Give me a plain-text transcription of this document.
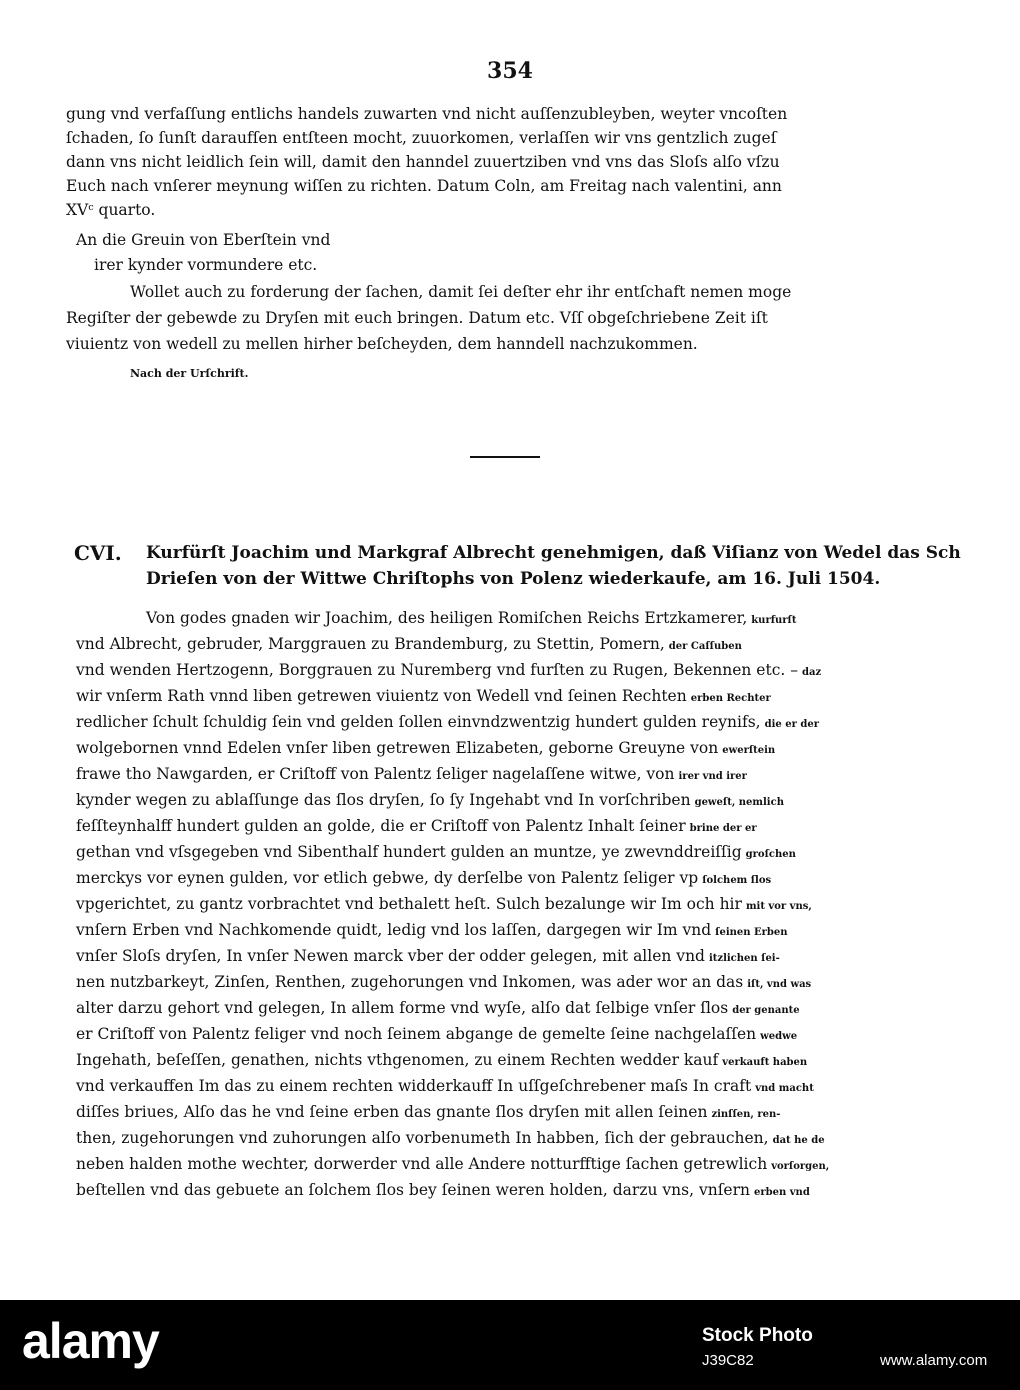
354
gung vnd verfaſſung entlichs handels zuwarten vnd nicht auſſenzubleyben, weyter vncoſten
ſchaden, ſo ſunſt daraufſen entſteen mocht, zuuorkomen, verlaſſen wir vns gentzlich zugeſ
dann vns nicht leidlich ſein will, damit den hanndel zuuertziben vnd vns das Sloſs alſo vſzu
Euch nach vnſerer meynung wiſſen zu richten. Datum Coln, am Freitag nach valentini, ann
XVᶜ quarto.
An die Greuin von Eberſtein vnd
irer kynder vormundere etc.
Wollet auch zu forderung der ſachen, damit ſei deſter ehr ihr entſchaft nemen moge
Regiſter der gebewde zu Dryſen mit euch bringen. Datum etc. Vſſ obgeſchriebene Zeit iſt
viuientz von wedell zu mellen hirher beſcheyden, dem hanndell nachzukommen.
Nach der Urſchrift.
CVI. Kurfürſt Joachim und Markgraf Albrecht genehmigen, daß Viſianz von Wedel das Sch
Drieſen von der Wittwe Chriſtophs von Polenz wiederkaufe, am 16. Juli 1504.
Von godes gnaden wir Joachim, des heiligen Romiſchen Reichs Ertzkamerer, kurfurſt
vnd Albrecht, gebruder, Marggrauen zu Brandemburg, zu Stettin, Pomern, der Caſſuben
vnd wenden Hertzogenn, Borggrauen zu Nuremberg vnd furſten zu Rugen, Bekennen etc. – daz
wir vnſerm Rath vnnd liben getrewen viuientz von Wedell vnd ſeinen Rechten erben Rechter
redlicher ſchult ſchuldig ſein vnd gelden ſollen einvndzwentzig hundert gulden reynifs, die er der
wolgebornen vnnd Edelen vnſer liben getrewen Elizabeten, geborne Greuyne von ewerſtein
frawe tho Nawgarden, er Criſtoff von Palentz ſeliger nagelaſſene witwe, von irer vnd irer
kynder wegen zu ablaſſunge das ſlos dryſen, ſo ſy Ingehabt vnd In vorſchriben geweſt, nemlich
feſſteynhalff hundert gulden an golde, die er Criſtoff von Palentz Inhalt ſeiner brine der er
gethan vnd vſsgegeben vnd Sibenthalf hundert gulden an muntze, ye zwevnddreiſſig groſchen
merckys vor eynen gulden, vor etlich gebwe, dy derſelbe von Palentz ſeliger vp ſolchem ſlos
vpgerichtet, zu gantz vorbrachtet vnd bethalett heſt. Sulch bezalunge wir Im och hir mit vor vns,
vnſern Erben vnd Nachkomende quidt, ledig vnd los laſſen, dargegen wir Im vnd ſeinen Erben
vnſer Sloſs dryſen, In vnſer Newen marck vber der odder gelegen, mit allen vnd itzlichen ſei-
nen nutzbarkeyt, Zinſen, Renthen, zugehorungen vnd Inkomen, was ader wor an das iſt, vnd was
alter darzu gehort vnd gelegen, In allem forme vnd wyſe, alſo dat ſelbige vnſer ſlos der genante
er Criſtoff von Palentz feliger vnd noch ſeinem abgange de gemelte ſeine nachgelaſſen wedwe
Ingehath, beſeſſen, genathen, nichts vthgenomen, zu einem Rechten wedder kauf verkauft haben
vnd verkauffen Im das zu einem rechten widderkauff In uſſgeſchrebener maſs In craft vnd macht
diſſes briues, Alſo das he vnd ſeine erben das gnante ſlos dryſen mit allen ſeinen zinſſen, ren-
then, zugehorungen vnd zuhorungen alſo vorbenumeth In habben, ſich der gebrauchen, dat he de
neben halden mothe wechter, dorwerder vnd alle Andere notturfftige ſachen getrewlich vorſorgen,
beſtellen vnd das gebuete an ſolchem ſlos bey ſeinen weren holden, darzu vns, vnſern erben vnd
alamy	Stock Photo
J39C82	www.alamy.com
